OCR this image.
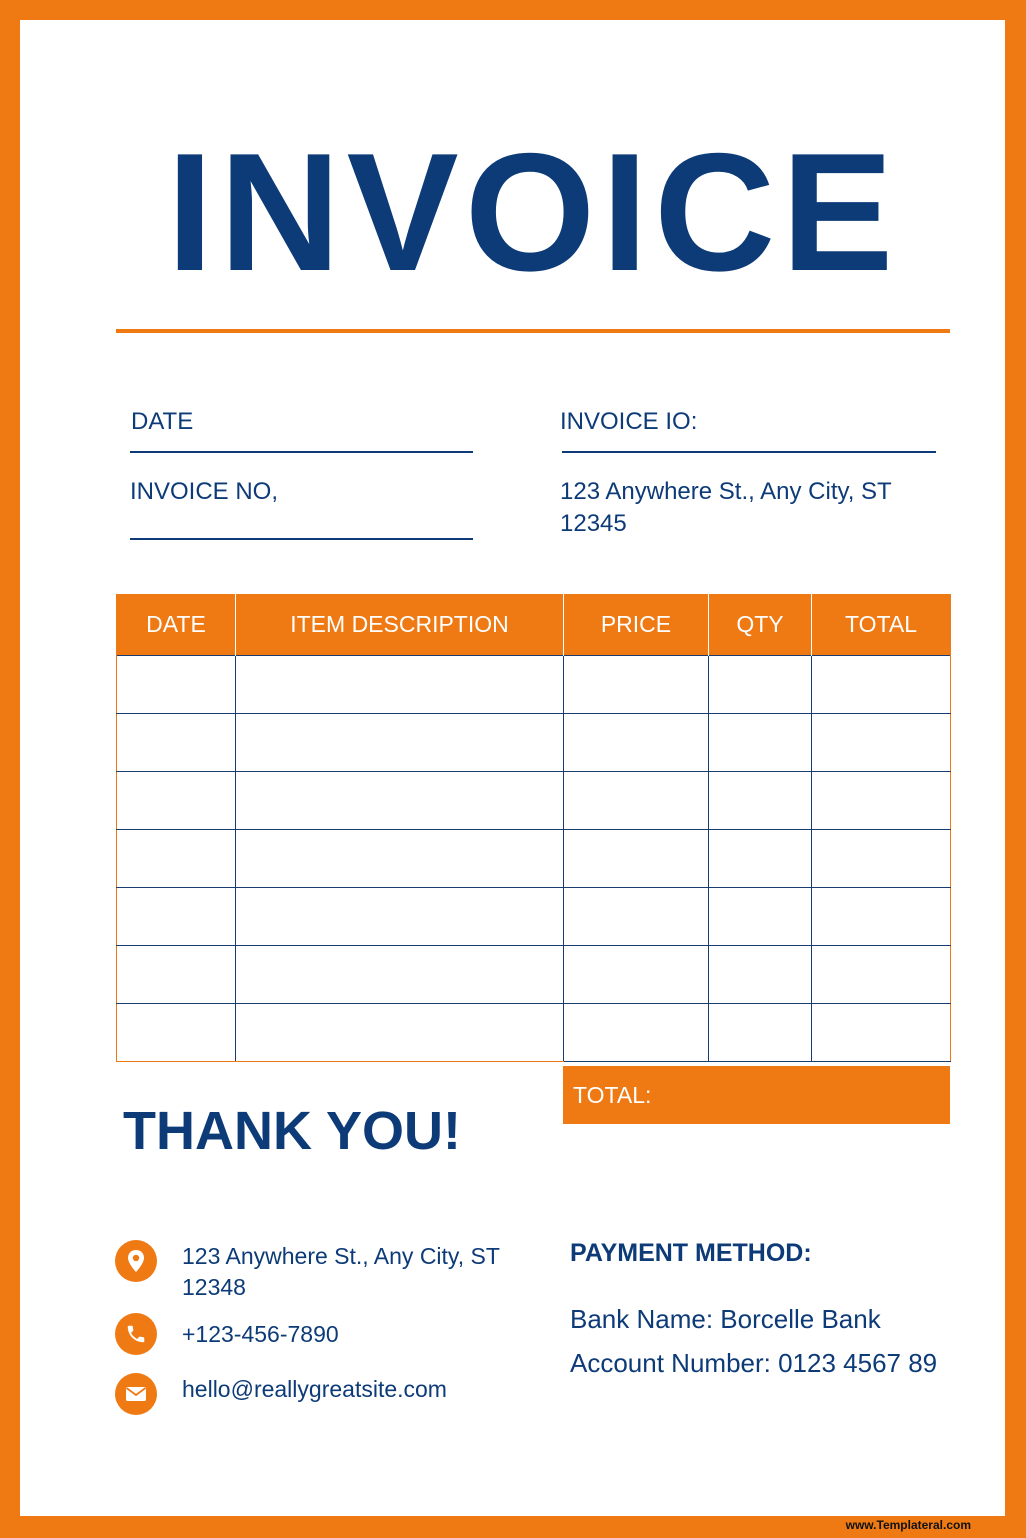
INVOICE
DATE	INVOICE IO:
INVOICE NO,	123 Anywhere St., Any City, ST
12345
DATE	ITEM DESCRIPTION	PRICE	QTY	TOTAL

TOTAL:
THANK YOU!
123 Anywhere St., Any City, ST
12348
+123-456-7890
hello@reallygreatsite.com
PAYMENT METHOD:
Bank Name: Borcelle Bank
Account Number: 0123 4567 89
www.Templateral.com
